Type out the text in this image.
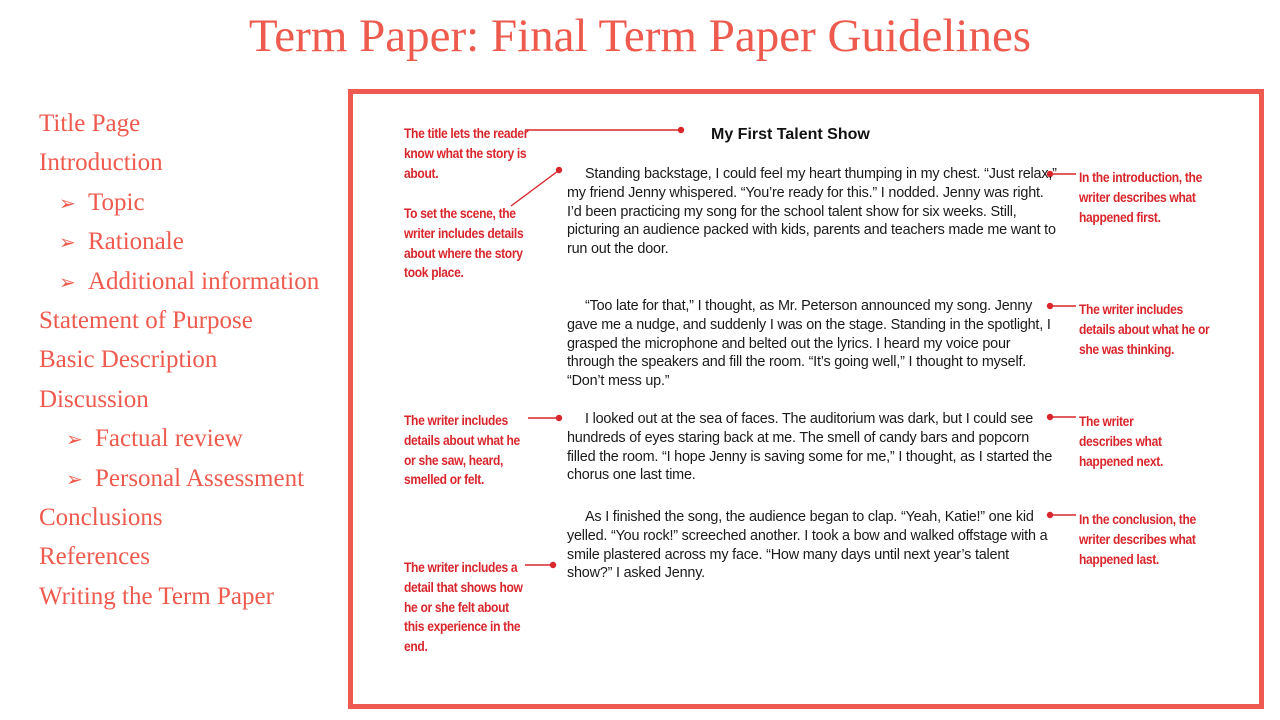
Term Paper: Final Term Paper Guidelines
Title Page
Introduction
➢ Topic
➢ Rationale
➢ Additional information
Statement of Purpose
Basic Description
Discussion
➢ Factual review
➢ Personal Assessment
Conclusions
References
Writing the Term Paper
My First Talent Show
Standing backstage, I could feel my heart thumping in my chest. “Just relax,” my friend Jenny whispered. “You’re ready for this.” I nodded. Jenny was right. I’d been practicing my song for the school talent show for six weeks. Still, picturing an audience packed with kids, parents and teachers made me want to run out the door.
“Too late for that,” I thought, as Mr. Peterson announced my song. Jenny gave me a nudge, and suddenly I was on the stage. Standing in the spotlight, I grasped the microphone and belted out the lyrics. I heard my voice pour through the speakers and fill the room. “It’s going well,” I thought to myself. “Don’t mess up.”
I looked out at the sea of faces. The auditorium was dark, but I could see hundreds of eyes staring back at me. The smell of candy bars and popcorn filled the room. “I hope Jenny is saving some for me,” I thought, as I started the chorus one last time.
As I finished the song, the audience began to clap. “Yeah, Katie!” one kid yelled. “You rock!” screeched another. I took a bow and walked offstage with a smile plastered across my face. “How many days until next year’s talent show?” I asked Jenny.
The title lets the reader know what the story is about.
To set the scene, the writer includes details about where the story took place.
The writer includes details about what he or she saw, heard, smelled or felt.
The writer includes a detail that shows how he or she felt about this experience in the end.
In the introduction, the writer describes what happened first.
The writer includes details about what he or she was thinking.
The writer describes what happened next.
In the conclusion, the writer describes what happened last.
